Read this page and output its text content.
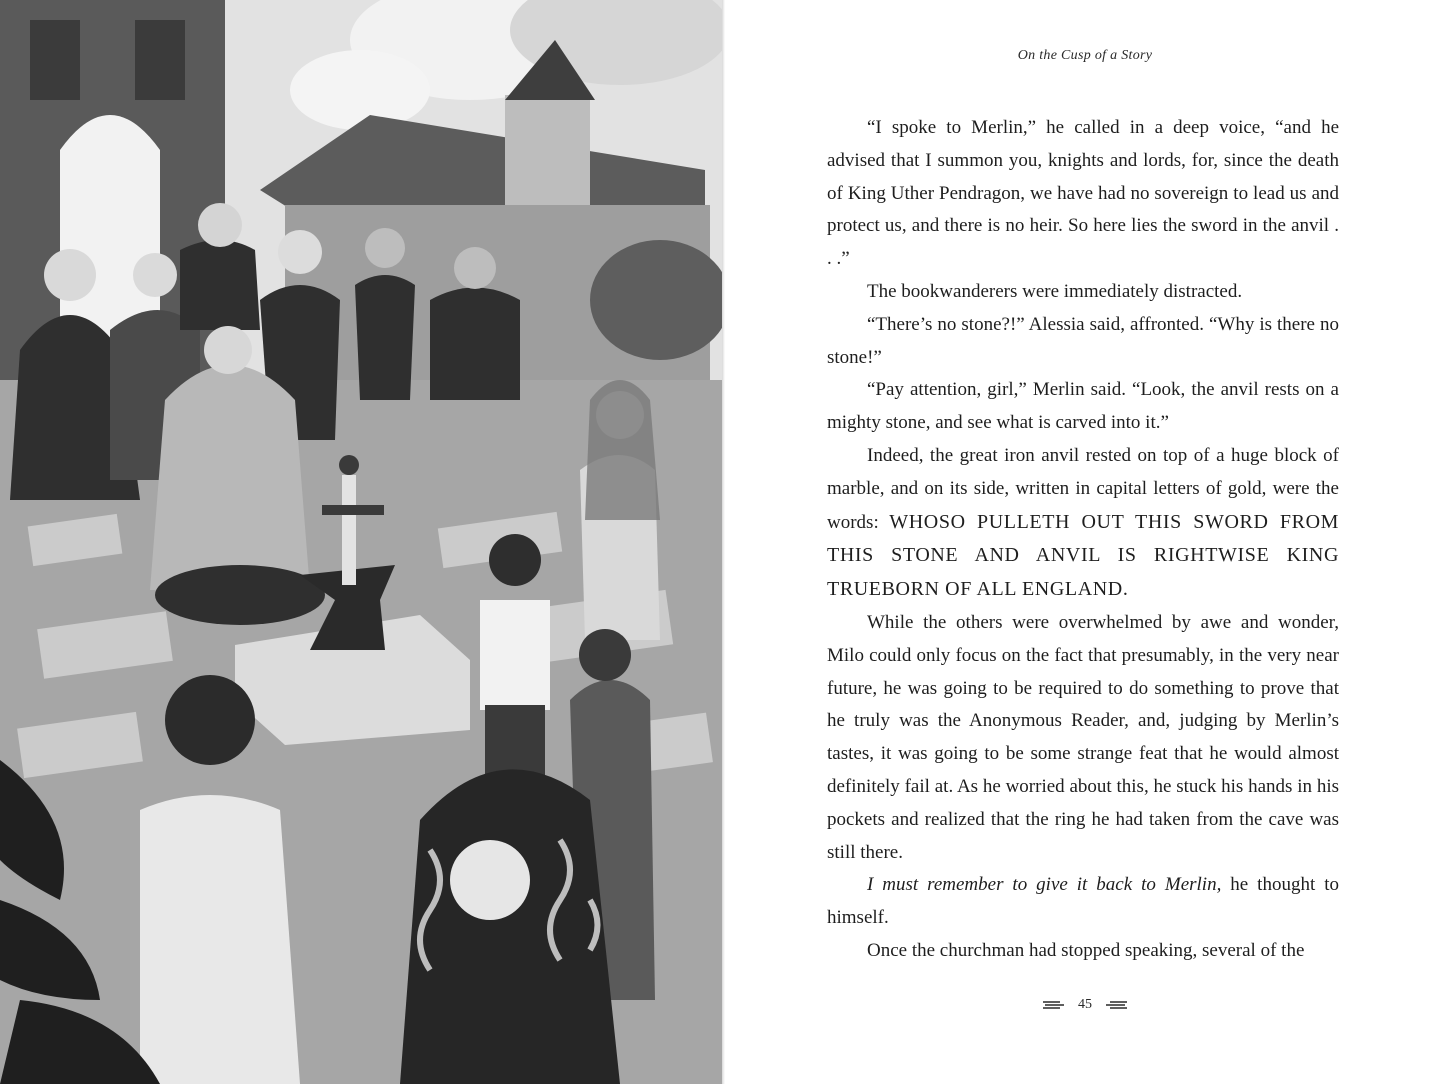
On the Cusp of a Story

“I spoke to Merlin,” he called in a deep voice, “and he advised that I summon you, knights and lords, for, since the death of King Uther Pendragon, we have had no sovereign to lead us and protect us, and there is no heir. So here lies the sword in the anvil . . .”

The bookwanderers were immediately distracted.

“There’s no stone?!” Alessia said, affronted. “Why is there no stone!”

“Pay attention, girl,” Merlin said. “Look, the anvil rests on a mighty stone, and see what is carved into it.”

Indeed, the great iron anvil rested on top of a huge block of marble, and on its side, written in capital letters of gold, were the words: WHOSO PULLETH OUT THIS SWORD FROM THIS STONE AND ANVIL IS RIGHTWISE KING TRUEBORN OF ALL ENGLAND.

While the others were overwhelmed by awe and wonder, Milo could only focus on the fact that presumably, in the very near future, he was going to be required to do something to prove that he truly was the Anonymous Reader, and, judging by Merlin’s tastes, it was going to be some strange feat that he would almost definitely fail at. As he worried about this, he stuck his hands in his pockets and realized that the ring he had taken from the cave was still there.

I must remember to give it back to Merlin, he thought to himself.

Once the churchman had stopped speaking, several of the

45
